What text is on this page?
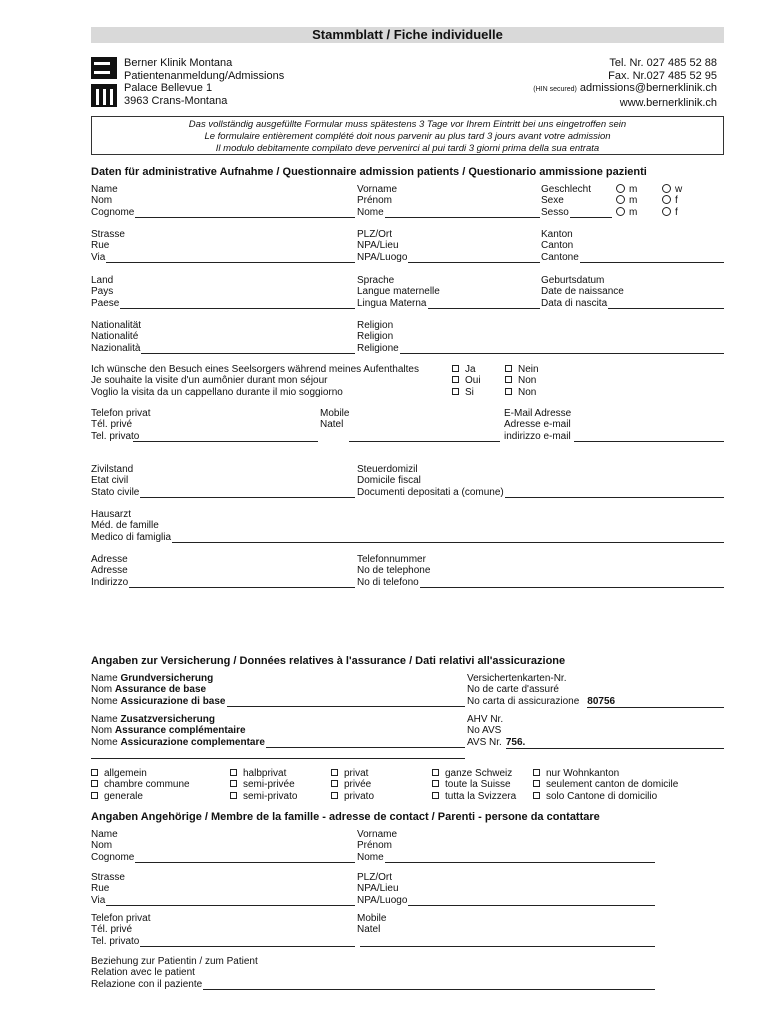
Stammblatt / Fiche individuelle
Berner Klinik Montana
Patientenanmeldung/Admissions
Palace Bellevue 1
3963 Crans-Montana
Tel. Nr. 027 485 52 88
Fax. Nr.027 485 52 95
(HIN secured) admissions@bernerklinik.ch
www.bernerklinik.ch
Das vollständig ausgefüllte Formular muss spätestens 3 Tage vor Ihrem Eintritt bei uns eingetroffen sein
Le formulaire entièrement complété doit nous parvenir au plus tard 3 jours avant votre admission
Il modulo debitamente compilato deve pervenirci al pui tardi 3 giorni prima della sua entrata
Daten für administrative Aufnahme / Questionnaire admission patients / Questionario ammissione pazienti
Angaben zur Versicherung / Données relatives à l'assurance / Dati relativi all'assicurazione
Angaben Angehörige / Membre de la famille - adresse de contact / Parenti - persone da contattare
Name
Nom
Cognome
Vorname
Prénom
Nome
Geschlecht
Sexe
Sesso
m
m
m
w
f
f
Strasse
Rue
Via
PLZ/Ort
NPA/Lieu
NPA/Luogo
Kanton
Canton
Cantone
Land
Pays
Paese
Sprache
Langue maternelle
Lingua Materna
Geburtsdatum
Date de naissance
Data di nascita
Nationalität
Nationalité
Nazionalità
Religion
Religion
Religione
Ich wünsche den Besuch eines Seelsorgers während meines Aufenthaltes
Je souhaite la visite d'un aumônier durant mon séjour
Voglio la visita da un cappellano durante il mio soggiorno
Ja
Oui
Si
Nein
Non
Non
Telefon privat
Tél. privé
Tel. privato
Mobile
Natel
E-Mail Adresse
Adresse e-mail
indirizzo e-mail
Zivilstand
Etat civil
Stato civile
Steuerdomizil
Domicile fiscal
Documenti depositati a (comune)
Hausarzt
Méd. de famille
Medico di famiglia
Adresse
Adresse
Indirizzo
Telefonnummer
No de telephone
No di telefono
Name Grundversicherung
Nom Assurance de base
Nome Assicurazione di base
Versichertenkarten-Nr.
No de carte d'assuré
No carta di assicurazione 80756
Name Zusatzversicherung
Nom Assurance complémentaire
Nome Assicurazione complementare
AHV Nr.
No AVS
AVS Nr. 756.
allgemein
chambre commune
generale
halbprivat
semi-privée
semi-privato
privat
privée
privato
ganze Schweiz
toute la Suisse
tutta la Svizzera
nur Wohnkanton
seulement canton de domicile
solo Cantone di domicilio
Name
Nom
Cognome
Vorname
Prénom
Nome
Strasse
Rue
Via
PLZ/Ort
NPA/Lieu
NPA/Luogo
Telefon privat
Tél. privé
Tel. privato
Mobile
Natel
Beziehung zur Patientin / zum Patient
Relation avec le patient
Relazione con il paziente
